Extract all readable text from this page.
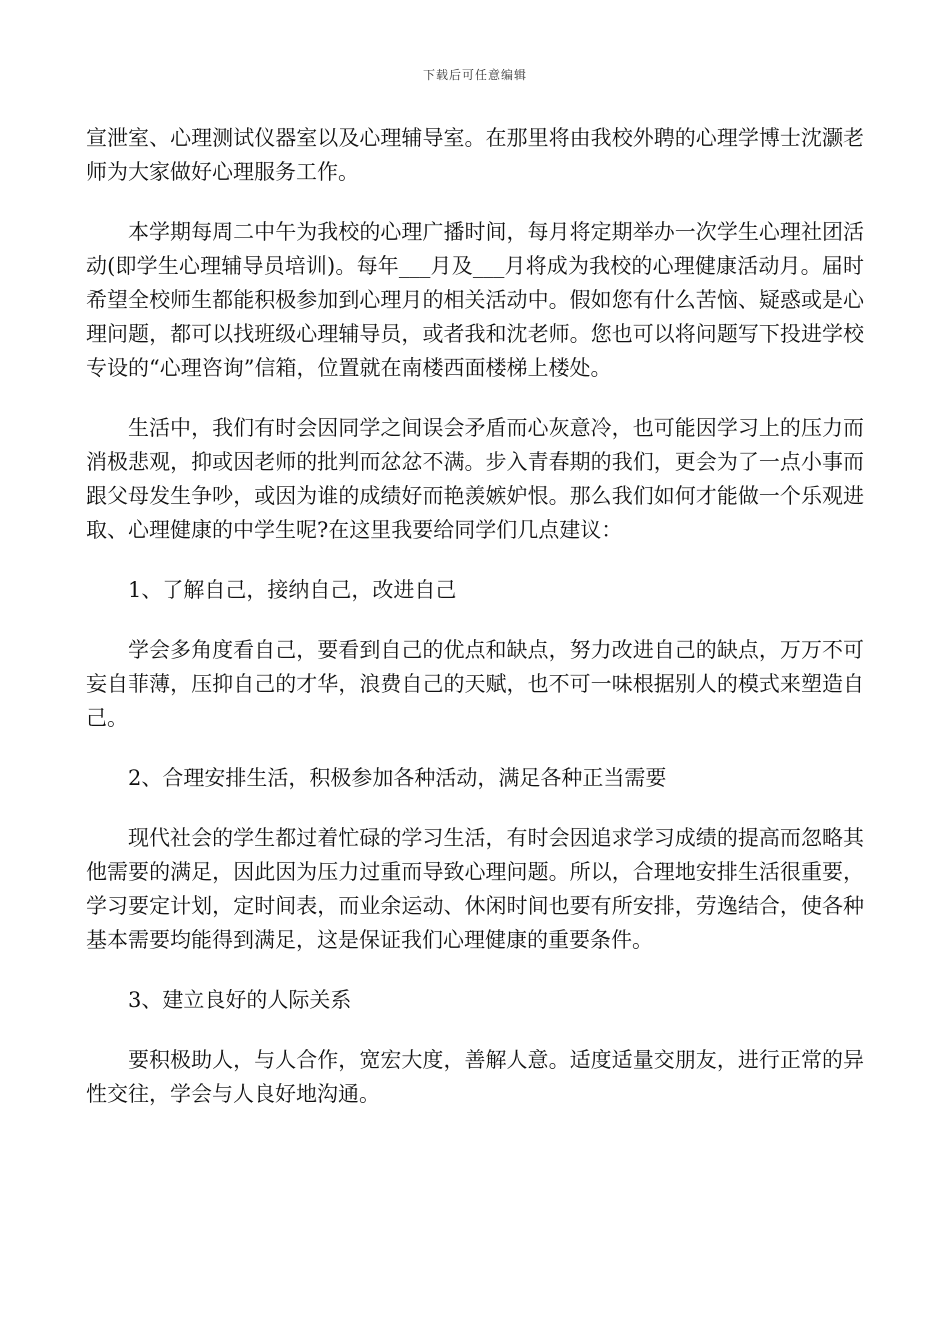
下载后可任意编辑

宣泄室、心理测试仪器室以及心理辅导室。在那里将由我校外聘的心理学博士沈灏老师为大家做好心理服务工作。

本学期每周二中午为我校的心理广播时间，每月将定期举办一次学生心理社团活动(即学生心理辅导员培训)。每年___月及___月将成为我校的心理健康活动月。届时希望全校师生都能积极参加到心理月的相关活动中。假如您有什么苦恼、疑惑或是心理问题，都可以找班级心理辅导员，或者我和沈老师。您也可以将问题写下投进学校专设的“心理咨询”信箱，位置就在南楼西面楼梯上楼处。

生活中，我们有时会因同学之间误会矛盾而心灰意冷，也可能因学习上的压力而消极悲观，抑或因老师的批判而忿忿不满。步入青春期的我们，更会为了一点小事而跟父母发生争吵，或因为谁的成绩好而艳羡嫉妒恨。那么我们如何才能做一个乐观进取、心理健康的中学生呢?在这里我要给同学们几点建议：

1、了解自己，接纳自己，改进自己

学会多角度看自己，要看到自己的优点和缺点，努力改进自己的缺点，万万不可妄自菲薄，压抑自己的才华，浪费自己的天赋，也不可一味根据别人的模式来塑造自己。

2、合理安排生活，积极参加各种活动，满足各种正当需要

现代社会的学生都过着忙碌的学习生活，有时会因追求学习成绩的提高而忽略其他需要的满足，因此因为压力过重而导致心理问题。所以，合理地安排生活很重要，学习要定计划，定时间表，而业余运动、休闲时间也要有所安排，劳逸结合，使各种基本需要均能得到满足，这是保证我们心理健康的重要条件。

3、建立良好的人际关系

要积极助人，与人合作，宽宏大度，善解人意。适度适量交朋友，进行正常的异性交往，学会与人良好地沟通。
